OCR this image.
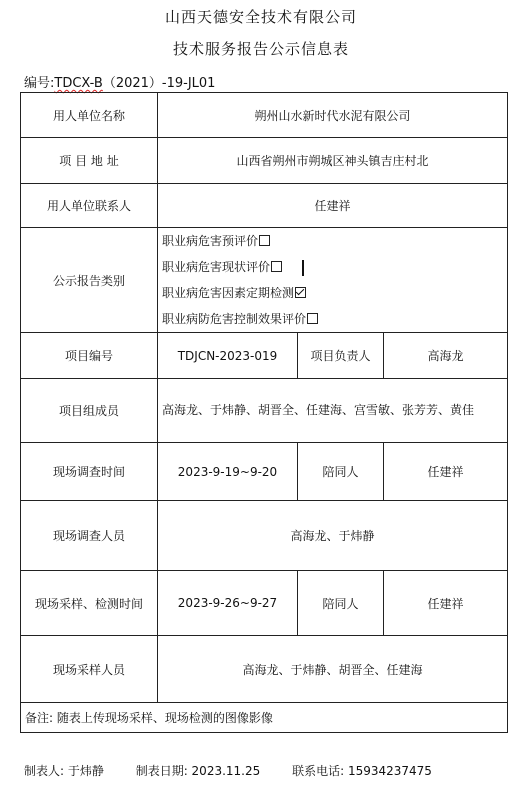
山西天德安全技术有限公司
技术服务报告公示信息表
编号:TDCX-B（2021）-19-JL01
用人单位名称	朔州山水新时代水泥有限公司		
项 目 地 址	山西省朔州市朔城区神头镇吉庄村北		
用人单位联系人	任建祥		
公示报告类别	职业病危害预评价
职业病危害现状评价
职业病危害因素定期检测
职业病防危害控制效果评价		

项目编号	TDJCN-2023-019	项目负责人	高海龙
项目组成员	高海龙、于炜静、胡晋全、任建海、宫雪敏、张芳芳、黄佳		
现场调查时间	2023-9-19~9-20	陪同人	任建祥
现场调查人员	高海龙、于炜静		
现场采样、检测时间	2023-9-26~9-27	陪同人	任建祥
现场采样人员	高海龙、于炜静、胡晋全、任建海		
备注: 随表上传现场采样、现场检测的图像影像			
制表人: 于炜静	制表日期: 2023.11.25	联系电话: 15934237475
